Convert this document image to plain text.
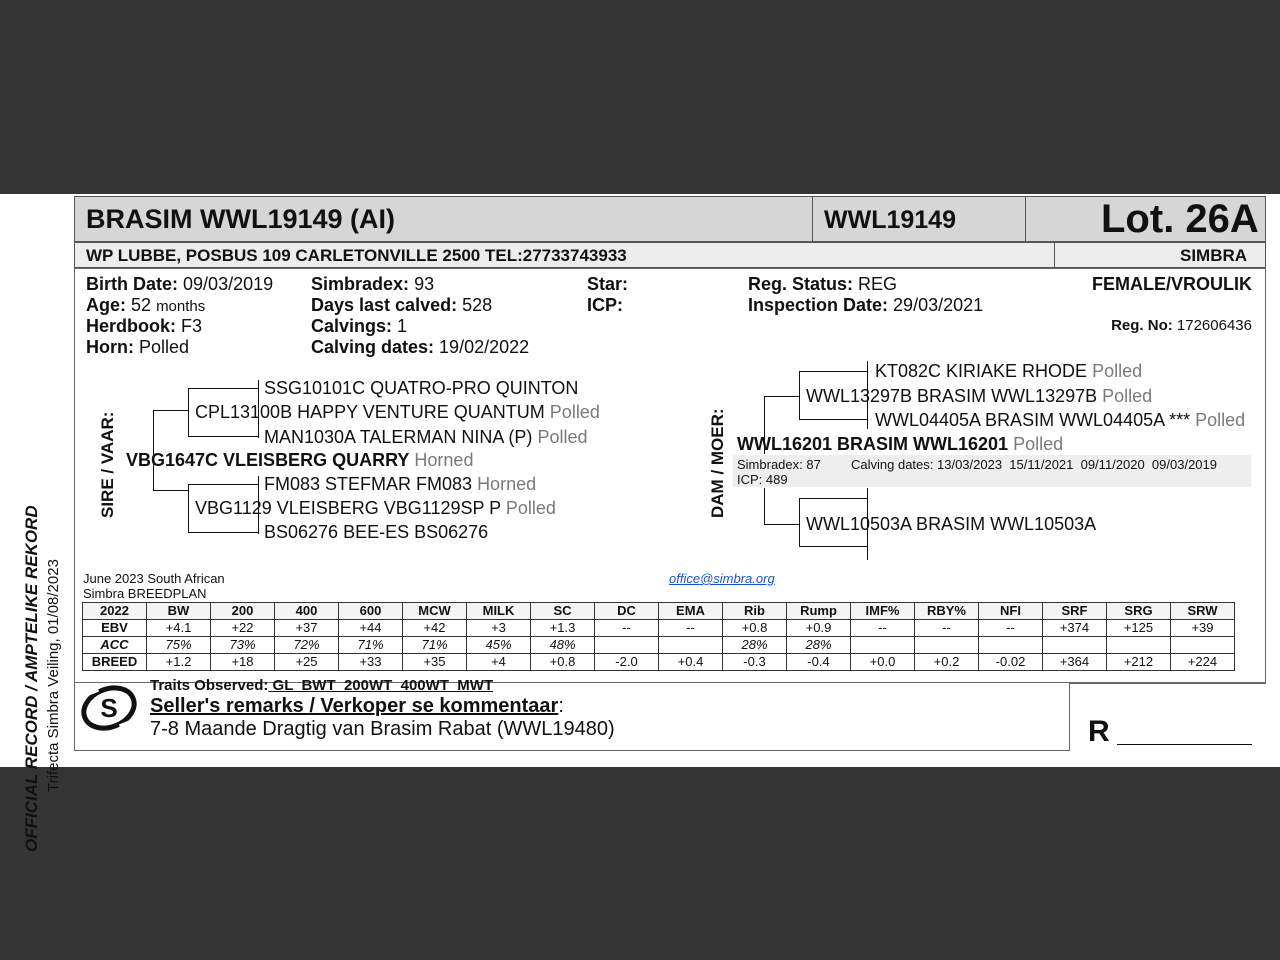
OFFICIAL RECORD / AMPTELIKE REKORD Trifecta Simbra Veiling, 01/08/2023
BRASIM WWL19149 (AI)	WWL19149	Lot. 26A
WP LUBBE, POSBUS 109 CARLETONVILLE 2500 TEL:27733743933	SIMBRA
Birth Date: 09/03/2019
Age: 52 months
Herdbook: F3
Horn: Polled
Simbradex: 93
Days last calved: 528
Calvings: 1
Calving dates: 19/02/2022
Star:
ICP:
Reg. Status: REG
Inspection Date: 29/03/2021
FEMALE/VROULIK
Reg. No: 172606436
SIRE / VAAR:	DAM / MOER:
SSG10101C QUATRO-PRO QUINTON
CPL13100B HAPPY VENTURE QUANTUM Polled
MAN1030A TALERMAN NINA (P) Polled
VBG1647C VLEISBERG QUARRY Horned
FM083 STEFMAR FM083 Horned
VBG1129 VLEISBERG VBG1129SP P Polled
BS06276 BEE-ES BS06276
KT082C KIRIAKE RHODE Polled
WWL13297B BRASIM WWL13297B Polled
WWL04405A BRASIM WWL04405A *** Polled
WWL16201 BRASIM WWL16201 Polled
Simbradex: 87 Calving dates: 13/03/2023  15/11/2021  09/11/2020  09/03/2019
ICP: 489
WWL10503A BRASIM WWL10503A
June 2023 South African
Simbra BREEDPLAN
office@simbra.org
S
Traits Observed: GL  BWT  200WT  400WT  MWT
Seller's remarks / Verkoper se kommentaar:
7-8 Maande Dragtig van Brasim Rabat (WWL19480)	R
2022	BW	200	400	600	MCW	MILK	SC	DC	EMA	Rib	Rump	IMF%	RBY%	NFI	SRF	SRG	SRW
EBV	+4.1	+22	+37	+44	+42	+3	+1.3	--	--	+0.8	+0.9	--	--	--	+374	+125	+39
ACC	75%	73%	72%	71%	71%	45%	48%			28%	28%						
BREED	+1.2	+18	+25	+33	+35	+4	+0.8	-2.0	+0.4	-0.3	-0.4	+0.0	+0.2	-0.02	+364	+212	+224
